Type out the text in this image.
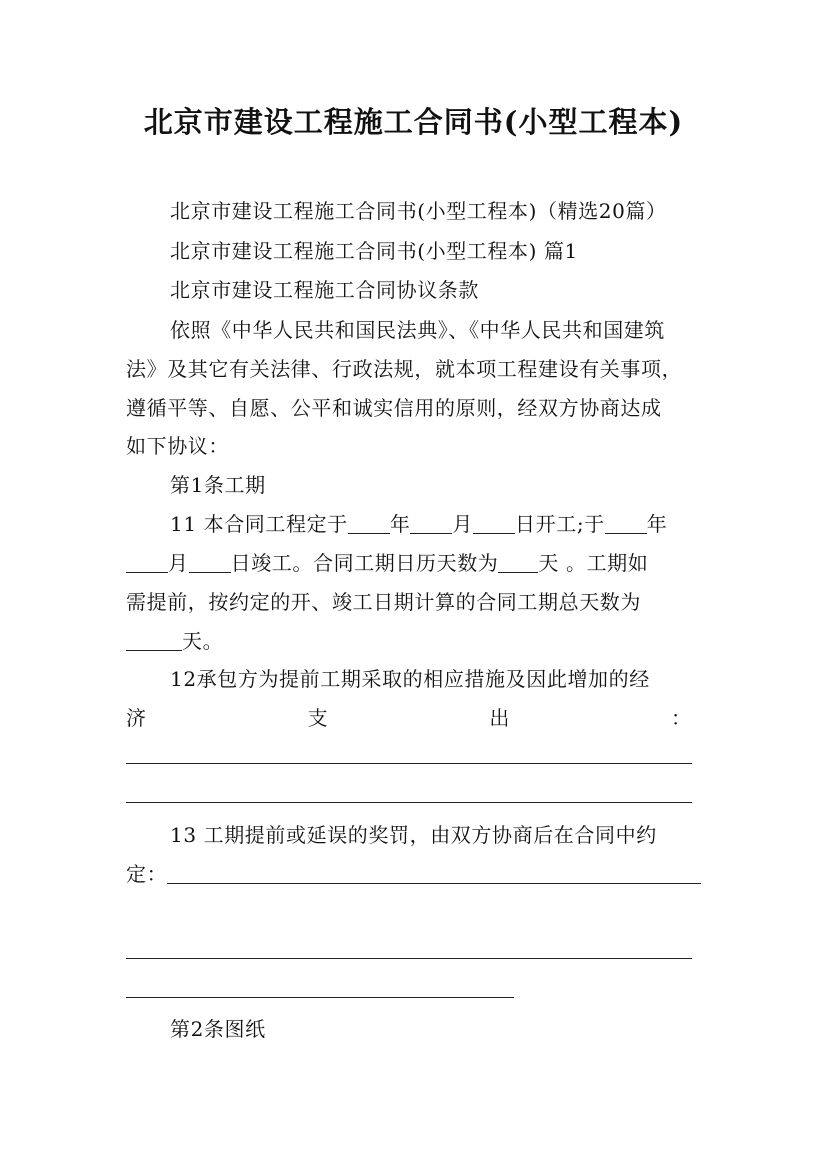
北京市建设工程施工合同书(小型工程本)
北京市建设工程施工合同书(小型工程本)（精选20篇）
北京市建设工程施工合同书(小型工程本) 篇1
北京市建设工程施工合同协议条款
依照《中华人民共和国民法典》、《中华人民共和国建筑
法》及其它有关法律、行政法规，就本项工程建设有关事项，
遵循平等、自愿、公平和诚实信用的原则，经双方协商达成
如下协议：
第1条工期
11 本合同工程定于 年 月 日开工;于 年
月 日竣工。合同工期日历天数为 天 。工期如
需提前，按约定的开、竣工日期计算的合同工期总天数为
天。
12承包方为提前工期采取的相应措施及因此增加的经
济	支	出	：
13 工期提前或延误的奖罚，由双方协商后在合同中约
定：
第2条图纸
